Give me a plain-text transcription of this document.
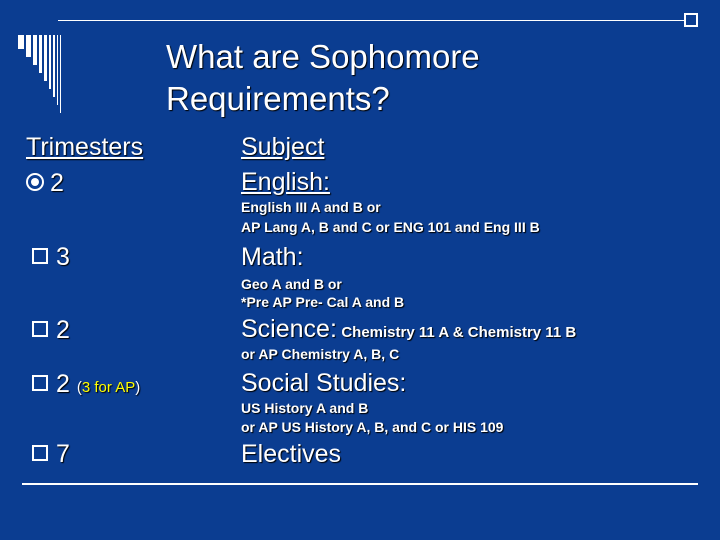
What are Sophomore Requirements?
Trimesters
2
3
2
2 (3 for AP)
7
Subject
English:
English III A and B or
AP Lang A, B and C or ENG 101 and Eng III B
Math:
Geo A and B or
*Pre AP Pre- Cal A and B
Science: Chemistry 11 A & Chemistry 11 B
or AP Chemistry A, B, C
Social Studies:
US History A and B
or AP US History A, B, and C or HIS 109
Electives
